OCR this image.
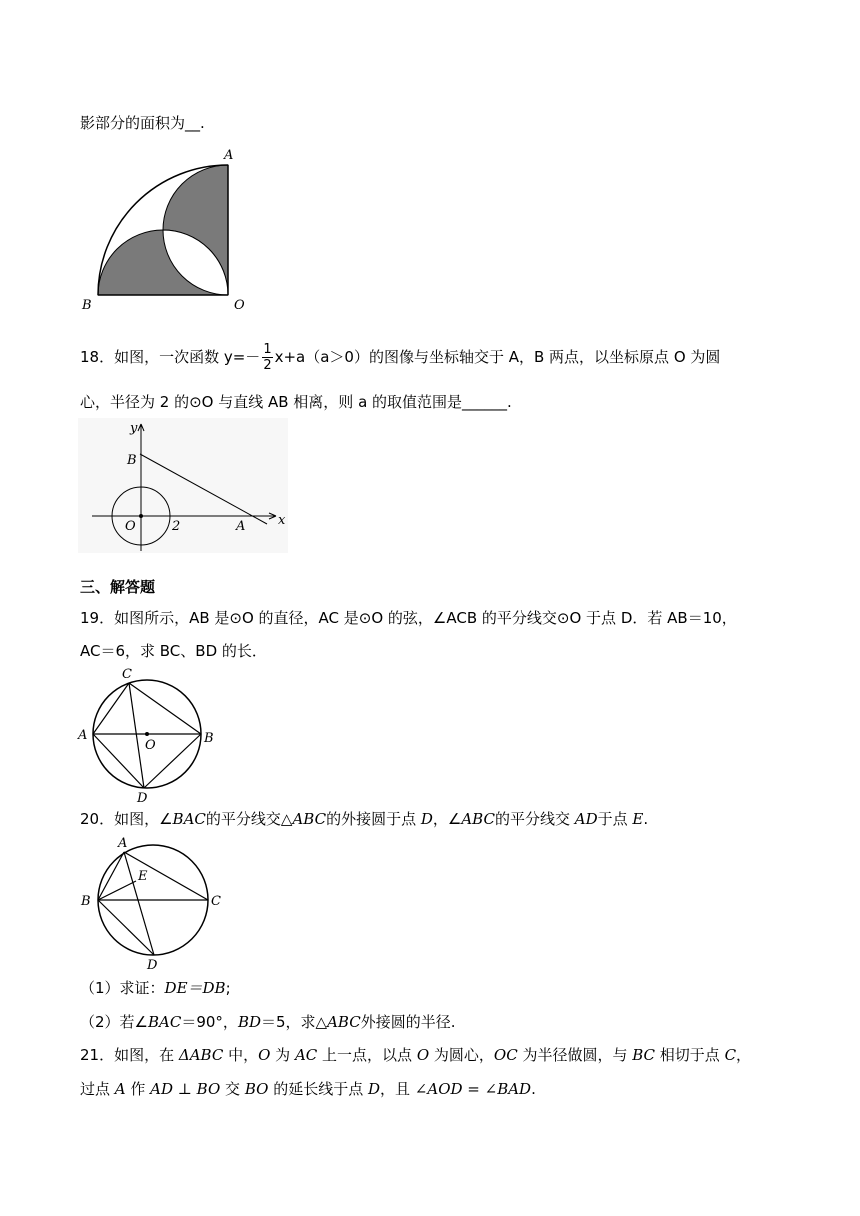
影部分的面积为__.
A
B	O
18．如图，一次函数 $y=- \frac{1}{2} x+a(a>0)$的图像与坐标轴交于 A，B 两点，以坐标原点 O 为圆
心，半径为 2 的⊙O 与直线 AB 相离，则 a 的取值范围是______.
y
x
B
O	2	A
三、解答题
19．如图所示，AB 是⊙O 的直径，AC 是⊙O 的弦，∠ACB 的平分线交⊙O 于点 D．若 AB＝10，
AC＝6，求 BC、BD 的长．
C
A
O	B
D
20．如图，∠BAC的平分线交△ABC的外接圆于点 D，∠ABC的平分线交 AD于点 E.
A
E
B	C
D
（1）求证：DE＝DB;
（2）若∠BAC＝90°，BD＝5，求△ABC外接圆的半径.
21．如图，在 ΔABC 中，O 为 AC 上一点，以点 O 为圆心，OC 为半径做圆，与 BC 相切于点 C，
过点 A 作 AD ⊥ BO 交 BO 的延长线于点 D，且 ∠AOD = ∠BAD.
